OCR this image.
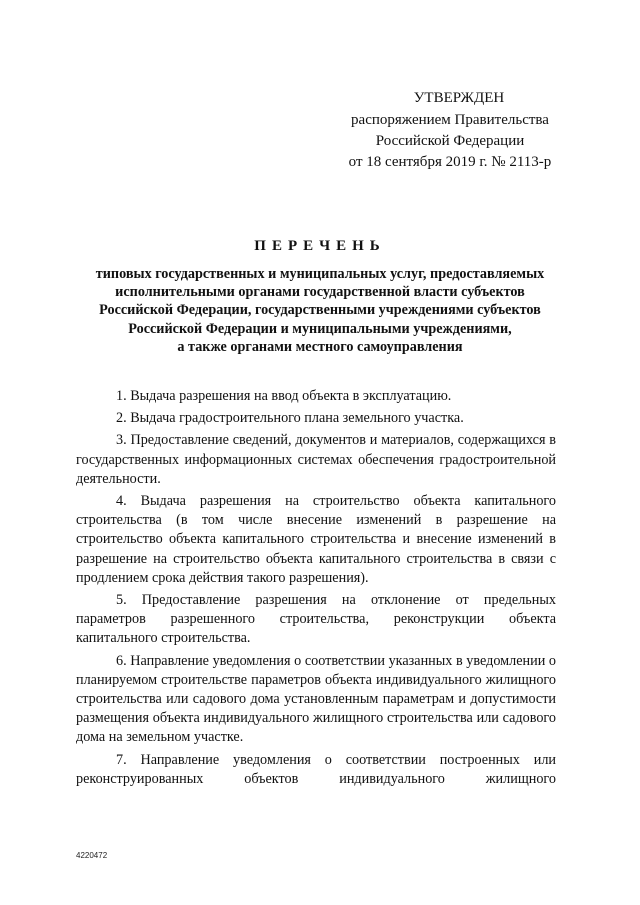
УТВЕРЖДЕН
распоряжением Правительства
Российской Федерации
от 18 сентября 2019 г. № 2113-р
ПЕРЕЧЕНЬ
типовых государственных и муниципальных услуг, предоставляемых
исполнительными органами государственной власти субъектов
Российской Федерации, государственными учреждениями субъектов
Российской Федерации и муниципальными учреждениями,
а также органами местного самоуправления

1. Выдача разрешения на ввод объекта в эксплуатацию.

2. Выдача градостроительного плана земельного участка.

3. Предоставление сведений, документов и материалов, содержащихся в государственных информационных системах обеспечения градостроительной деятельности.

4. Выдача разрешения на строительство объекта капитального строительства (в том числе внесение изменений в разрешение на строительство объекта капитального строительства и внесение изменений в разрешение на строительство объекта капитального строительства в связи с продлением срока действия такого разрешения).

5. Предоставление разрешения на отклонение от предельных параметров разрешенного строительства, реконструкции объекта капитального строительства.

6. Направление уведомления о соответствии указанных в уведомлении о планируемом строительстве параметров объекта индивидуального жилищного строительства или садового дома установленным параметрам и допустимости размещения объекта индивидуального жилищного строительства или садового дома на земельном участке.

7. Направление уведомления о соответствии построенных или реконструированных объектов индивидуального жилищного

4220472
